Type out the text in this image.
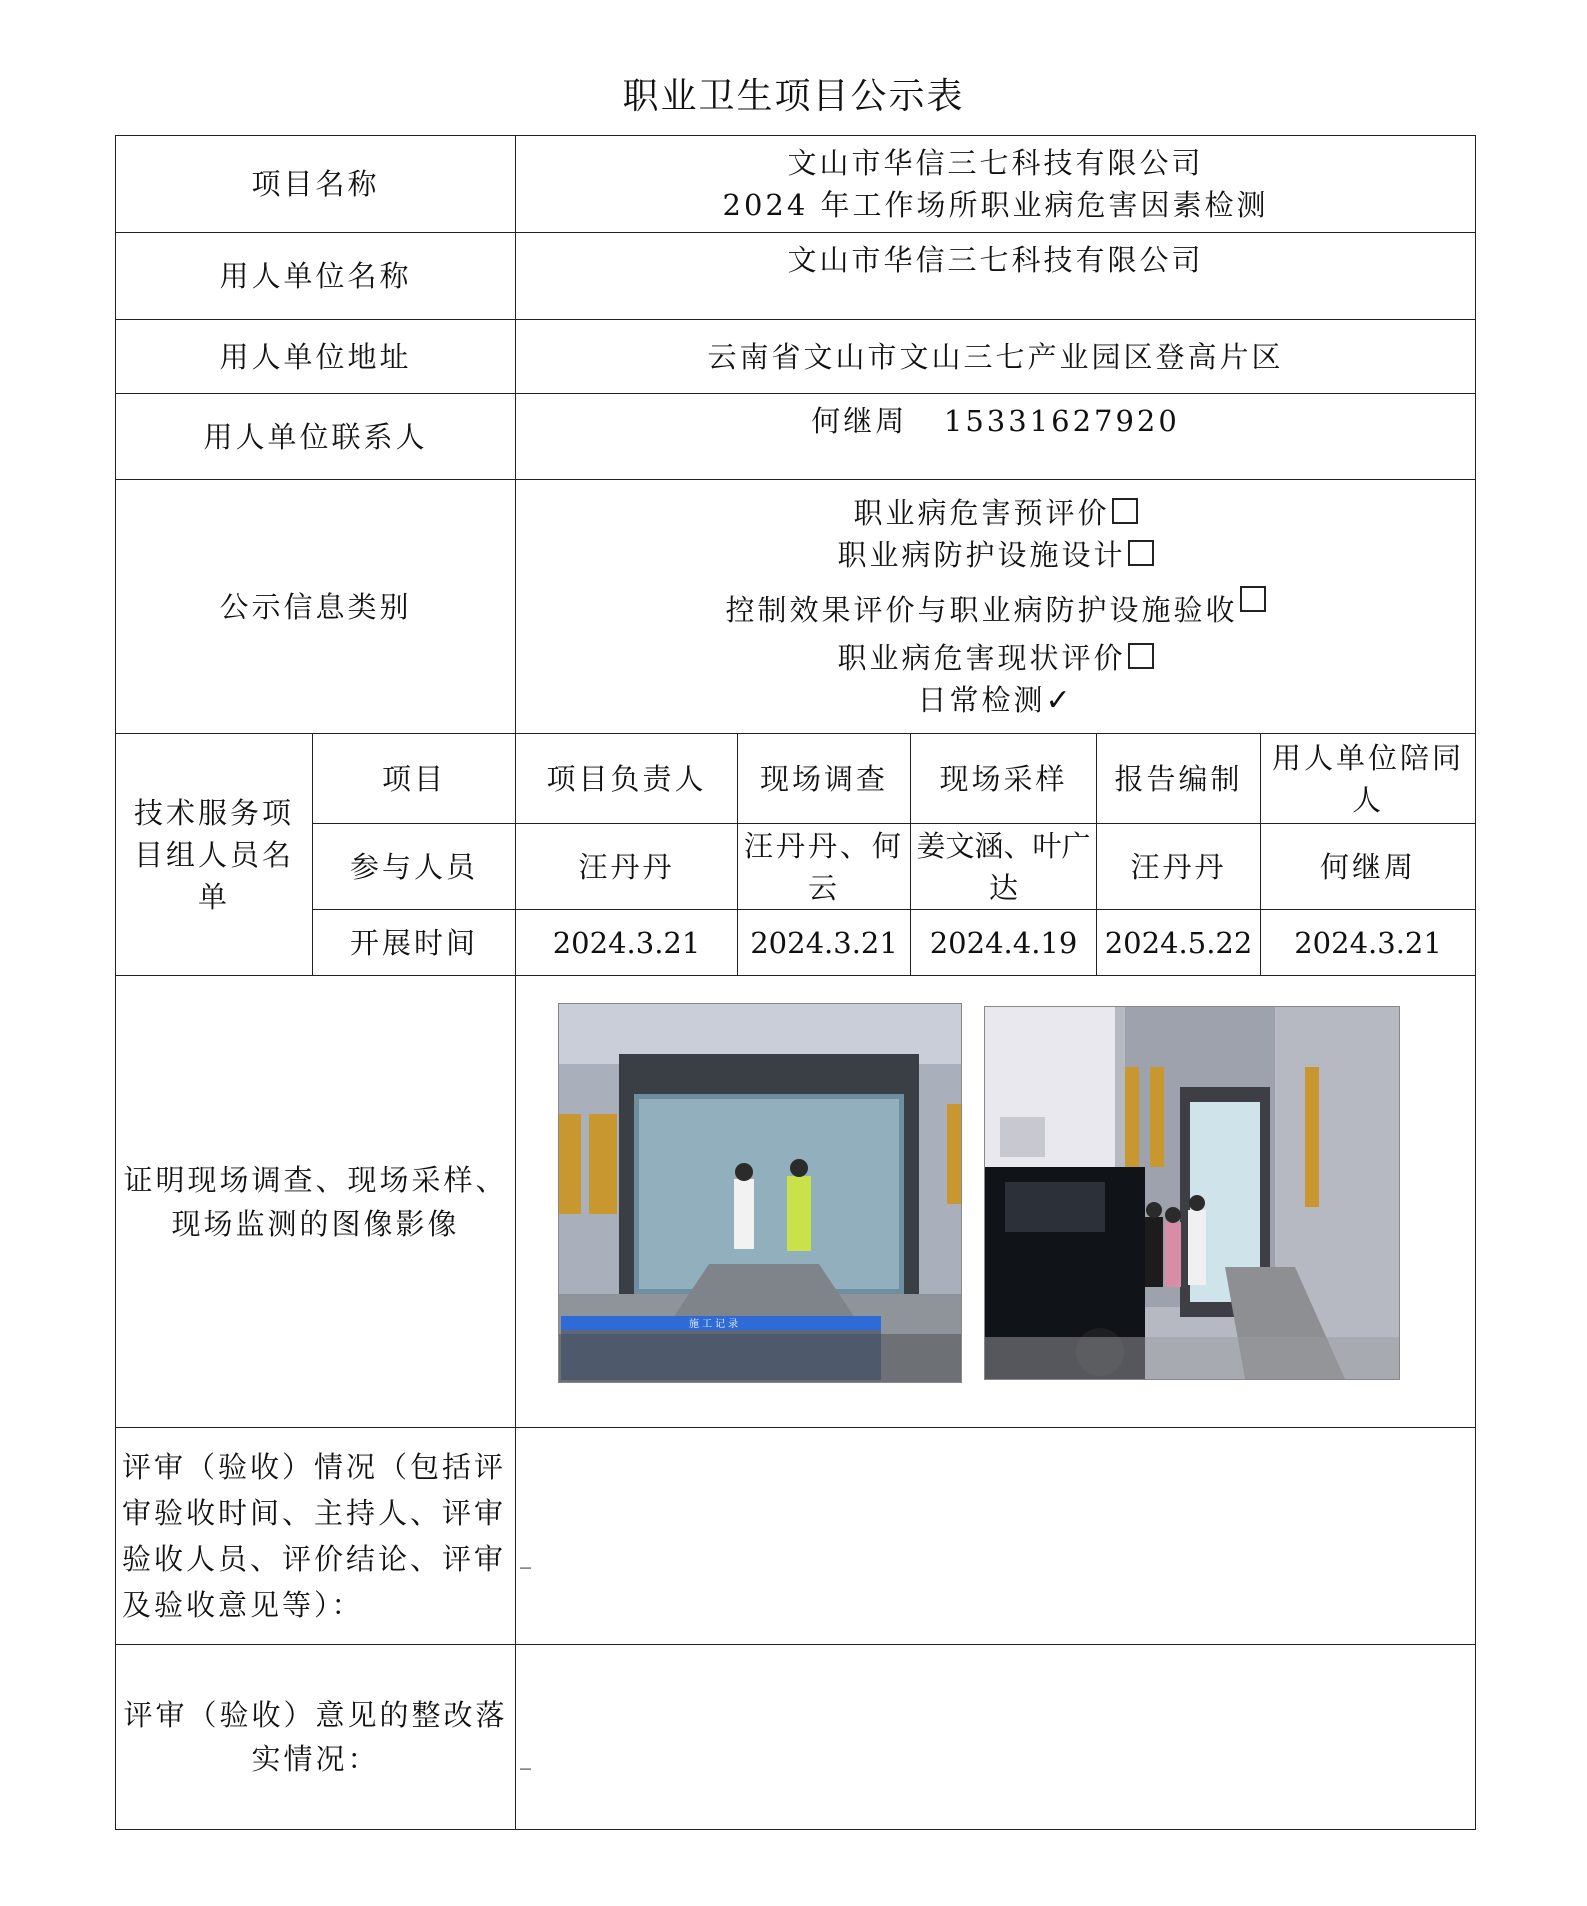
职业卫生项目公示表
项目名称		文山市华信三七科技有限公司
2024 年工作场所职业病危害因素检测				

用人单位名称		文山市华信三七科技有限公司				
用人单位地址		云南省文山市文山三七产业园区登高片区				
用人单位联系人		何继周   15331627920				
公示信息类别		职业病危害预评价
职业病防护设施设计
控制效果评价与职业病防护设施验收
职业病危害现状评价
日常检测✓				

技术服务项目组人员名单	项目	项目负责人	现场调查	现场采样	报告编制	用人单位陪同人
	参与人员	汪丹丹	汪丹丹、何云	姜文涵、叶广达	汪丹丹	何继周
	开展时间	2024.3.21	2024.3.21	2024.4.19	2024.5.22	2024.3.21
证明现场调查、现场采样、现场监测的图像影像		施工记录				

评审（验收）情况（包括评审验收时间、主持人、评审验收人员、评价结论、评审及验收意见等）：		_				

评审（验收）意见的整改落实情况：		_				
